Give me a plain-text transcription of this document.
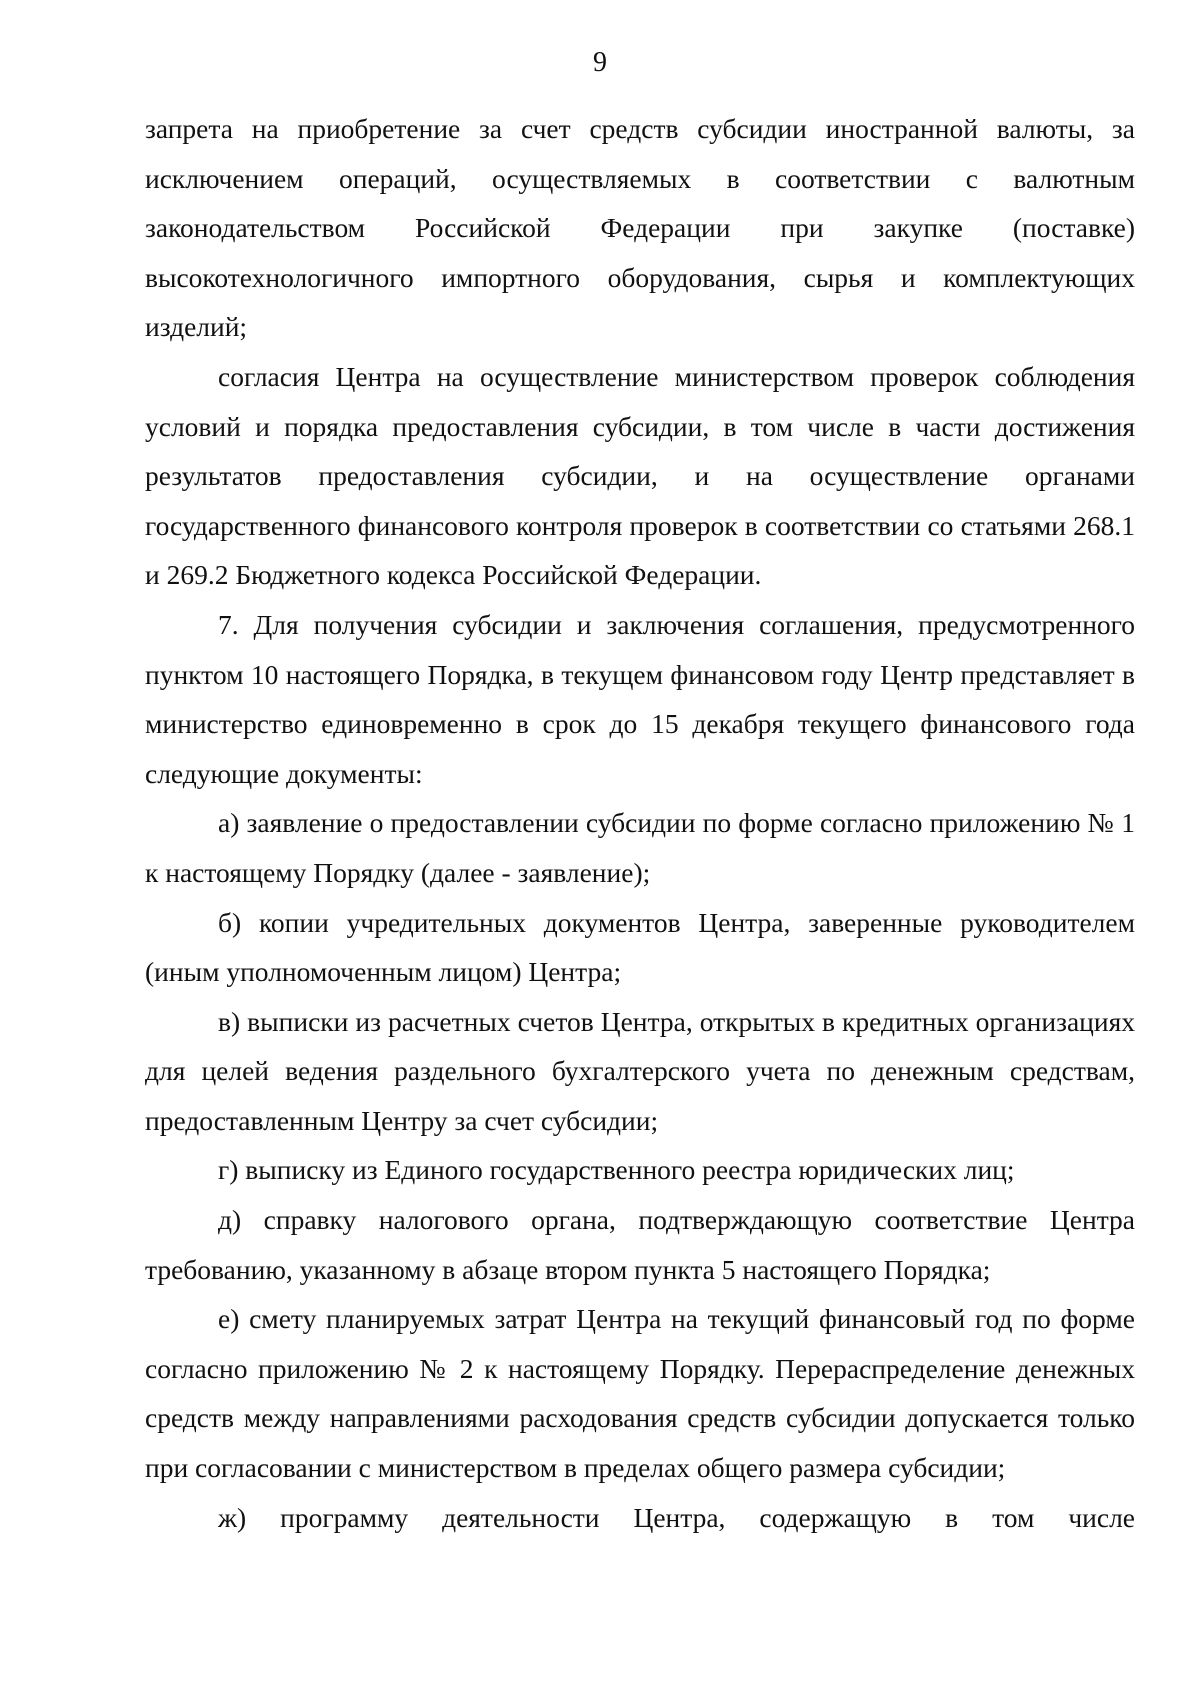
9

запрета на приобретение за счет средств субсидии иностранной валюты, за исключением операций, осуществляемых в соответствии с валютным законодательством Российской Федерации при закупке (поставке) высокотехнологичного импортного оборудования, сырья и комплектующих изделий;

согласия Центра на осуществление министерством проверок соблюдения условий и порядка предоставления субсидии, в том числе в части достижения результатов предоставления субсидии, и на осуществление органами государственного финансового контроля проверок в соответствии со статьями 268.1 и 269.2 Бюджетного кодекса Российской Федерации.

7. Для получения субсидии и заключения соглашения, предусмотренного пунктом 10 настоящего Порядка, в текущем финансовом году Центр представляет в министерство единовременно в срок до 15 декабря текущего финансового года следующие документы:

а) заявление о предоставлении субсидии по форме согласно приложению № 1 к настоящему Порядку (далее - заявление);

б) копии учредительных документов Центра, заверенные руководителем (иным уполномоченным лицом) Центра;

в) выписки из расчетных счетов Центра, открытых в кредитных организациях для целей ведения раздельного бухгалтерского учета по денежным средствам, предоставленным Центру за счет субсидии;

г) выписку из Единого государственного реестра юридических лиц;

д) справку налогового органа, подтверждающую соответствие Центра требованию, указанному в абзаце втором пункта 5 настоящего Порядка;

е) смету планируемых затрат Центра на текущий финансовый год по форме согласно приложению № 2 к настоящему Порядку. Перераспределение денежных средств между направлениями расходования средств субсидии допускается только при согласовании с министерством в пределах общего размера субсидии;

ж) программу деятельности Центра, содержащую в том числе
